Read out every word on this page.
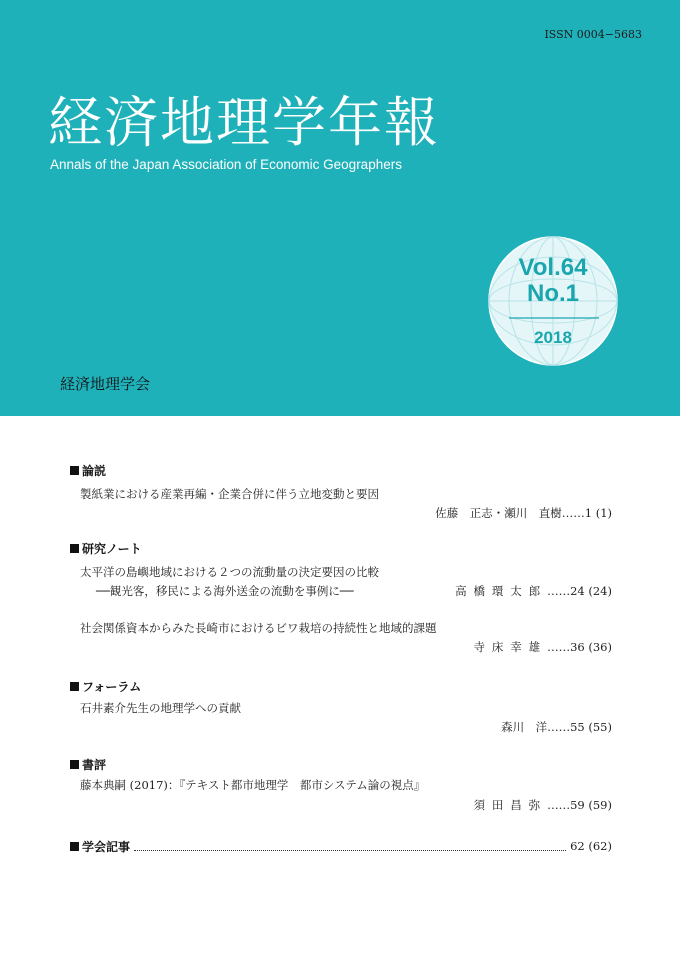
ISSN 0004−5683
経済地理学年報

Annals of the Japan Association of Economic Geographers

Vol.64
No.1
2018
経済地理学会
論説
製紙業における産業再編・企業合併に伴う立地変動と要因
佐藤　正志・瀬川　直樹……1 (1)
研究ノート
太平洋の島嶼地域における２つの流動量の決定要因の比較
──観光客，移民による海外送金の流動を事例に──	高橋環太郎……24 (24)
社会関係資本からみた長崎市におけるビワ栽培の持続性と地域的課題
寺床幸雄……36 (36)
フォーラム
石井素介先生の地理学への貢献
森川　洋……55 (55)
書評
藤本典嗣 (2017)：『テキスト都市地理学　都市システム論の視点』
須田昌弥……59 (59)
学会記事	62 (62)
